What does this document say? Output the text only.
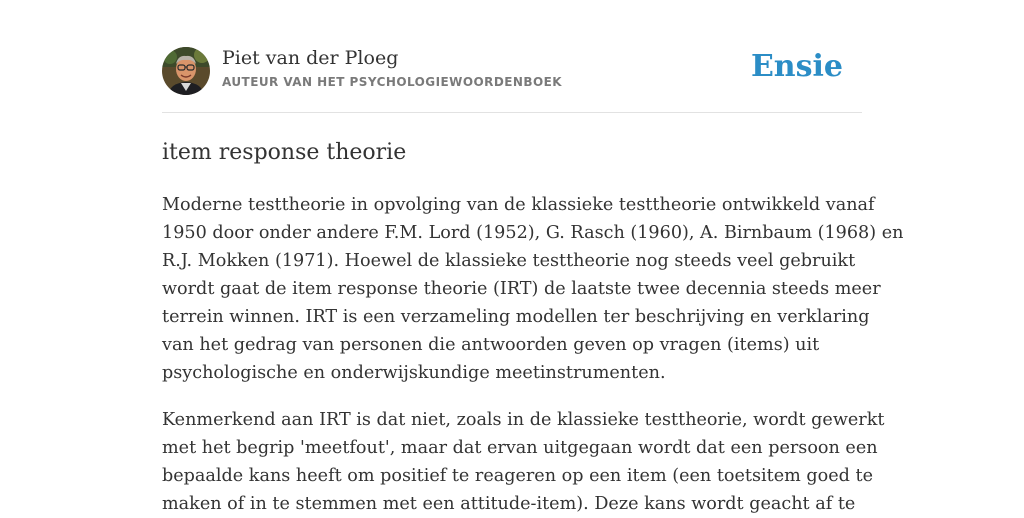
Piet van der Ploeg
AUTEUR VAN HET PSYCHOLOGIEWOORDENBOEK	Ensie
item response theorie

Moderne testtheorie in opvolging van de klassieke testtheorie ontwikkeld vanaf
1950 door onder andere F.M. Lord (1952), G. Rasch (1960), A. Birnbaum (1968) en
R.J. Mokken (1971). Hoewel de klassieke testtheorie nog steeds veel gebruikt
wordt gaat de item response theorie (IRT) de laatste twee decennia steeds meer
terrein winnen. IRT is een verzameling modellen ter beschrijving en verklaring
van het gedrag van personen die antwoorden geven op vragen (items) uit
psychologische en onderwijskundige meetinstrumenten.

Kenmerkend aan IRT is dat niet, zoals in de klassieke testtheorie, wordt gewerkt
met het begrip 'meetfout', maar dat ervan uitgegaan wordt dat een persoon een
bepaalde kans heeft om positief te reageren op een item (een toetsitem goed te
maken of in te stemmen met een attitude-item). Deze kans wordt geacht af te
